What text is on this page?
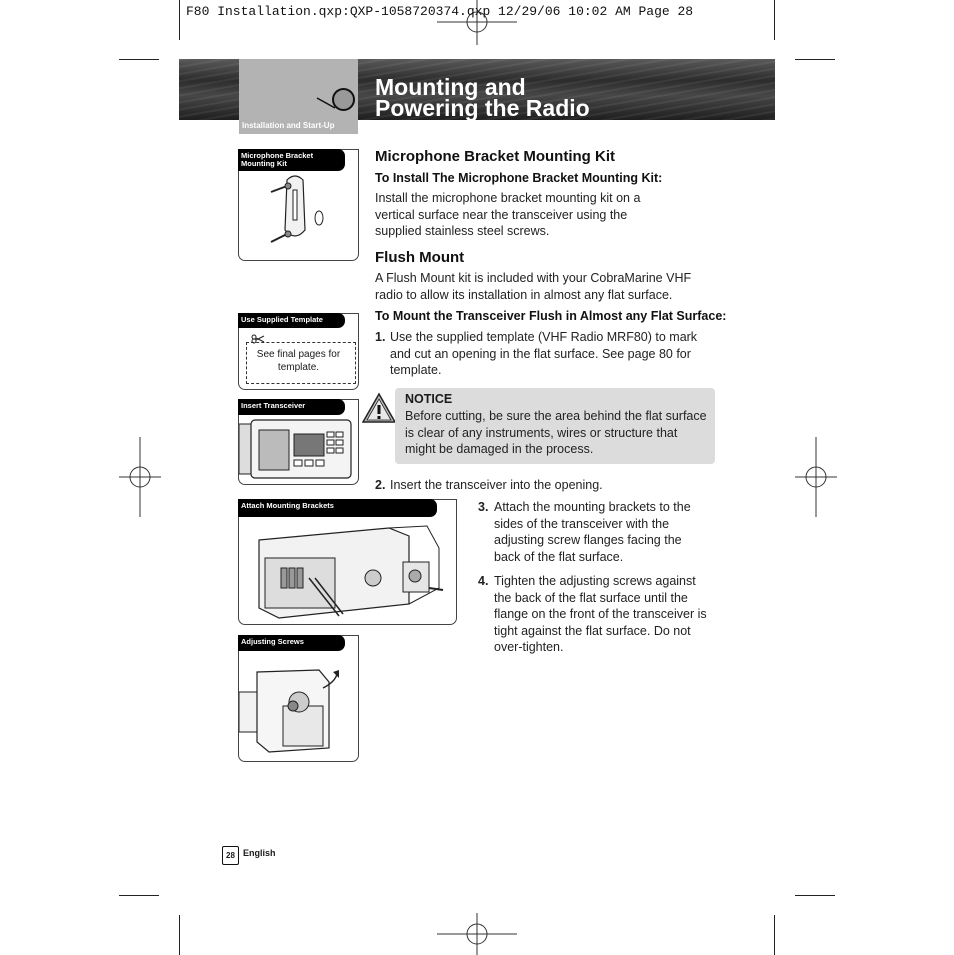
F80 Installation.qxp:QXP-1058720374.qxp 12/29/06 10:02 AM Page 28
Installation and Start-Up
Mounting and
Powering the Radio
Microphone Bracket Mounting Kit
See final pages for template.
Use Supplied Template
Insert Transceiver
Attach Mounting Brackets
Adjusting Screws
Microphone Bracket Mounting Kit
To Install The Microphone Bracket Mounting Kit:
Install the microphone bracket mounting kit on a vertical surface near the transceiver using the supplied stainless steel screws.
Flush Mount
A Flush Mount kit is included with your CobraMarine VHF radio to allow its installation in almost any flat surface.
To Mount the Transceiver Flush in Almost any Flat Surface:
1. Use the supplied template (VHF Radio MRF80) to mark and cut an opening in the flat surface. See page 80 for template.
NOTICE
Before cutting, be sure the area behind the flat surface is clear of any instruments, wires or structure that might be damaged in the process.
2. Insert the transceiver into the opening.
3. Attach the mounting brackets to the sides of the transceiver with the adjusting screw flanges facing the back of the flat surface.
4. Tighten the adjusting screws against the back of the flat surface until the flange on the front of the transceiver is tight against the flat surface. Do not over-tighten.
28 English
